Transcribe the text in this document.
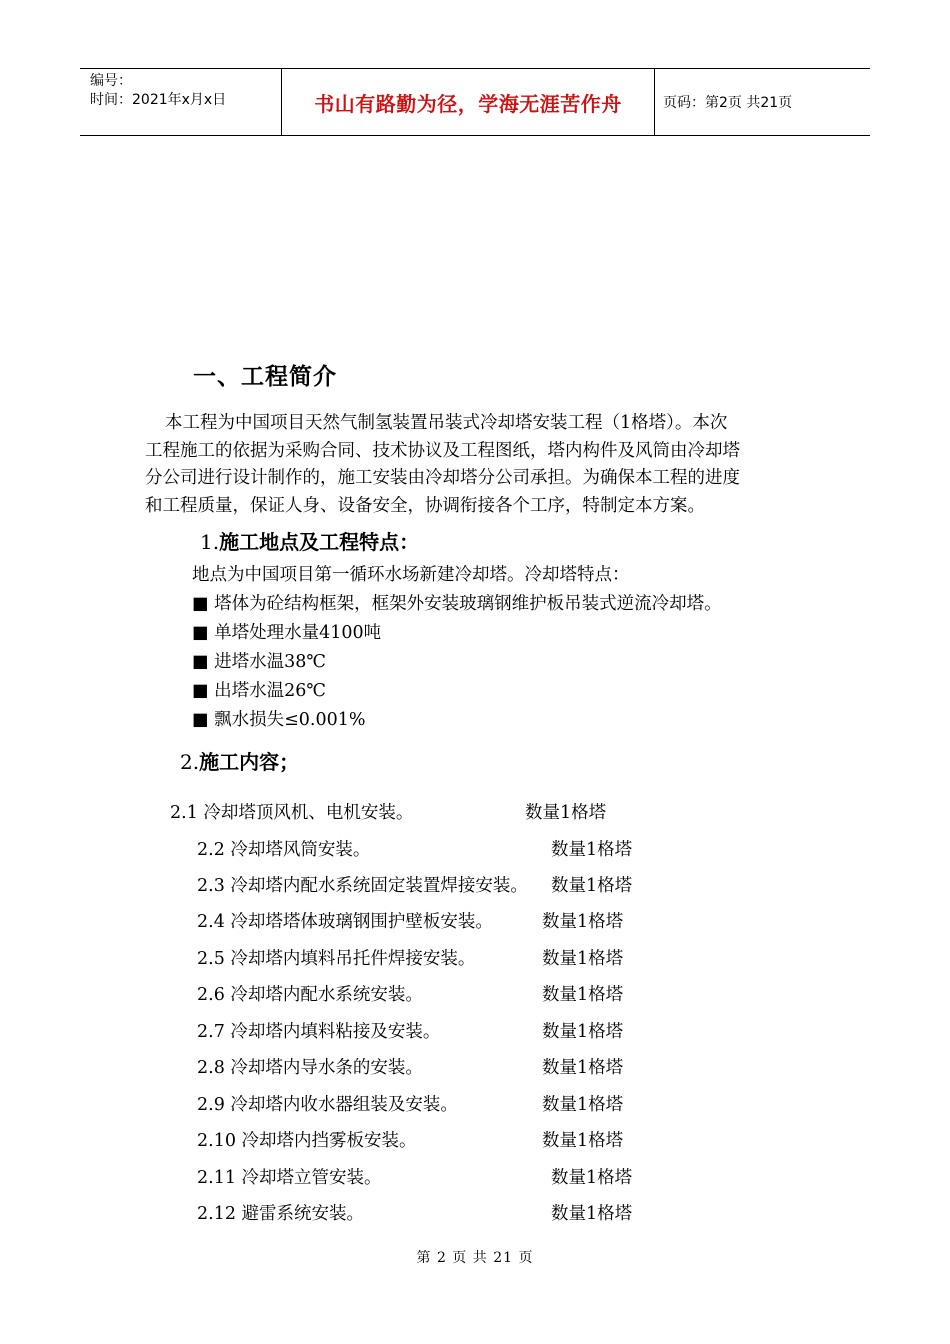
编号：
时间：2021年x月x日	书山有路勤为径，学海无涯苦作舟	页码：第2页 共21页
一、工程简介

本工程为中国项目天然气制氢装置吊装式冷却塔安装工程（1格塔）。本次

工程施工的依据为采购合同、技术协议及工程图纸，塔内构件及风筒由冷却塔

分公司进行设计制作的，施工安装由冷却塔分公司承担。为确保本工程的进度

和工程质量，保证人身、设备安全，协调衔接各个工序，特制定本方案。

1.施工地点及工程特点：
地点为中国项目第一循环水场新建冷却塔。冷却塔特点：
■ 塔体为砼结构框架，框架外安装玻璃钢维护板吊装式逆流冷却塔。
■ 单塔处理水量4100吨
■ 进塔水温38℃
■ 出塔水温26℃
■ 飘水损失≤0.001%
2.施工内容；
2.1 冷却塔顶风机、电机安装。	数量1格塔
2.2 冷却塔风筒安装。	数量1格塔
2.3 冷却塔内配水系统固定装置焊接安装。 数量1格塔
2.4 冷却塔塔体玻璃钢围护壁板安装。	数量1格塔
2.5 冷却塔内填料吊托件焊接安装。	数量1格塔
2.6 冷却塔内配水系统安装。	数量1格塔
2.7 冷却塔内填料粘接及安装。	数量1格塔
2.8 冷却塔内导水条的安装。	数量1格塔
2.9 冷却塔内收水器组装及安装。	数量1格塔
2.10 冷却塔内挡雾板安装。	数量1格塔
2.11 冷却塔立管安装。	数量1格塔
2.12 避雷系统安装。	数量1格塔
第 2 页 共 21 页
